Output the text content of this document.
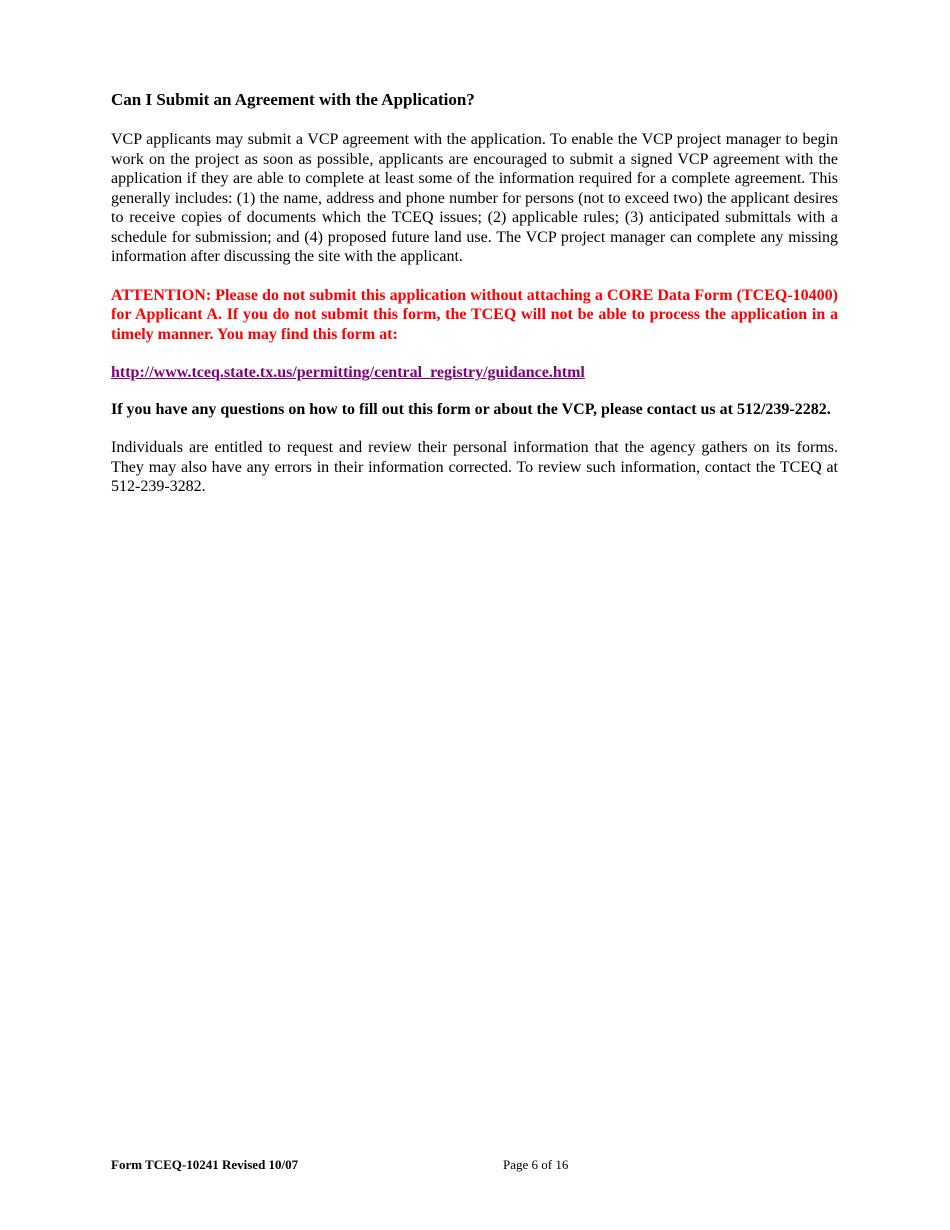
Can I Submit an Agreement with the Application?

VCP applicants may submit a VCP agreement with the application. To enable the VCP project manager to begin work on the project as soon as possible, applicants are encouraged to submit a signed VCP agreement with the application if they are able to complete at least some of the information required for a complete agreement. This generally includes: (1) the name, address and phone number for persons (not to exceed two) the applicant desires to receive copies of documents which the TCEQ issues; (2) applicable rules; (3) anticipated submittals with a schedule for submission; and (4) proposed future land use. The VCP project manager can complete any missing information after discussing the site with the applicant.

ATTENTION: Please do not submit this application without attaching a CORE Data Form (TCEQ-10400) for Applicant A. If you do not submit this form, the TCEQ will not be able to process the application in a timely manner. You may find this form at:

http://www.tceq.state.tx.us/permitting/central_registry/guidance.html

If you have any questions on how to fill out this form or about the VCP, please contact us at 512/239-2282.

Individuals are entitled to request and review their personal information that the agency gathers on its forms. They may also have any errors in their information corrected. To review such information, contact the TCEQ at 512-239-3282.

Form TCEQ-10241 Revised 10/07	Page 6 of 16
